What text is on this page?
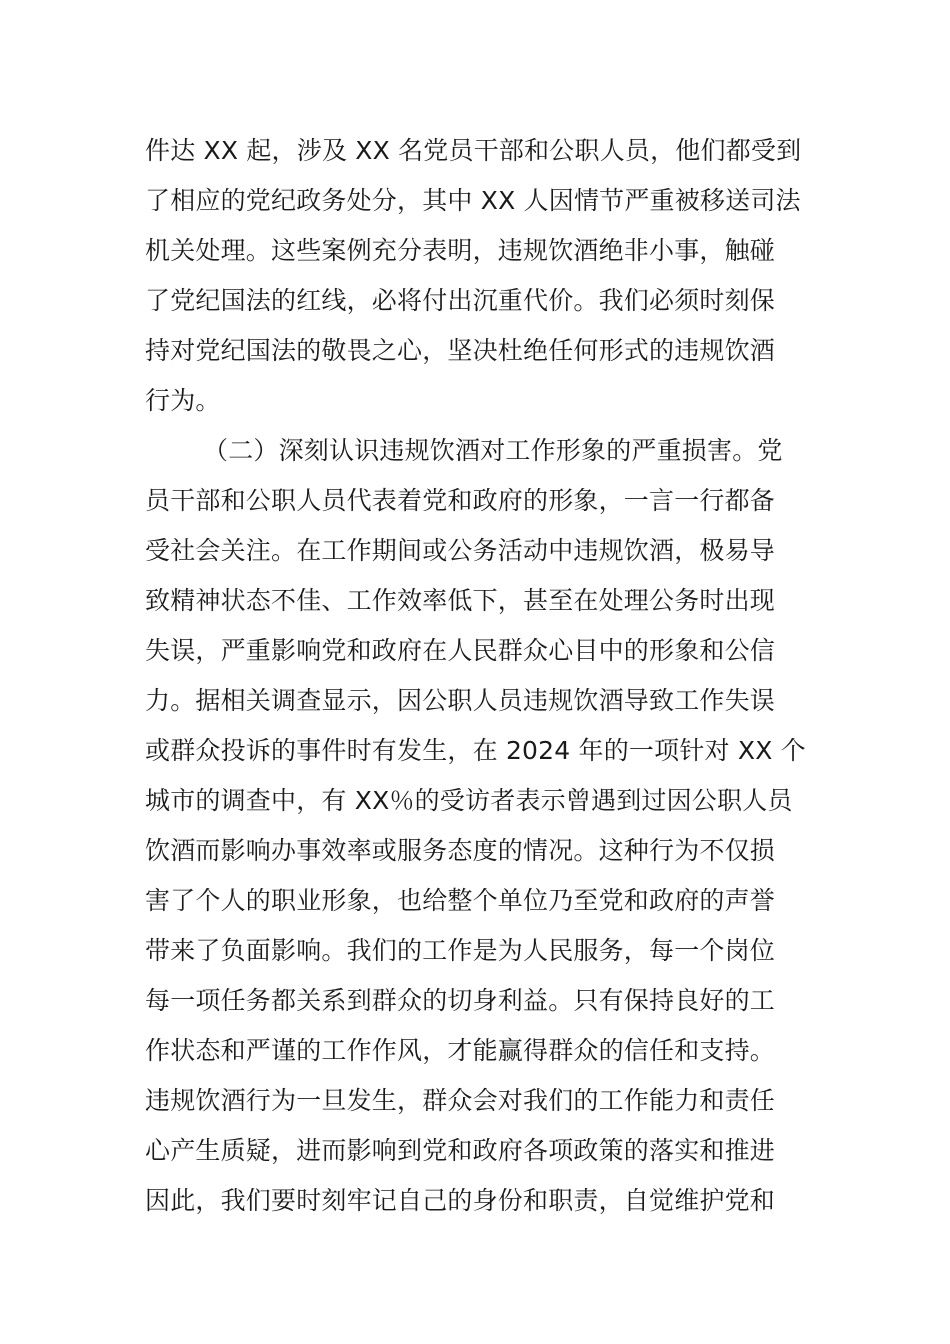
件达 XX 起，涉及 XX 名党员干部和公职人员，他们都受到
了相应的党纪政务处分，其中 XX 人因情节严重被移送司法
机关处理。这些案例充分表明，违规饮酒绝非小事，触碰
了党纪国法的红线，必将付出沉重代价。我们必须时刻保
持对党纪国法的敬畏之心，坚决杜绝任何形式的违规饮酒
行为。
（二）深刻认识违规饮酒对工作形象的严重损害。党
员干部和公职人员代表着党和政府的形象，一言一行都备
受社会关注。在工作期间或公务活动中违规饮酒，极易导
致精神状态不佳、工作效率低下，甚至在处理公务时出现
失误，严重影响党和政府在人民群众心目中的形象和公信
力。据相关调查显示，因公职人员违规饮酒导致工作失误
或群众投诉的事件时有发生，在 2024 年的一项针对 XX 个
城市的调查中，有 XX％的受访者表示曾遇到过因公职人员
饮酒而影响办事效率或服务态度的情况。这种行为不仅损
害了个人的职业形象，也给整个单位乃至党和政府的声誉
带来了负面影响。我们的工作是为人民服务，每一个岗位
每一项任务都关系到群众的切身利益。只有保持良好的工
作状态和严谨的工作作风，才能赢得群众的信任和支持。
违规饮酒行为一旦发生，群众会对我们的工作能力和责任
心产生质疑，进而影响到党和政府各项政策的落实和推进
因此，我们要时刻牢记自己的身份和职责，自觉维护党和
